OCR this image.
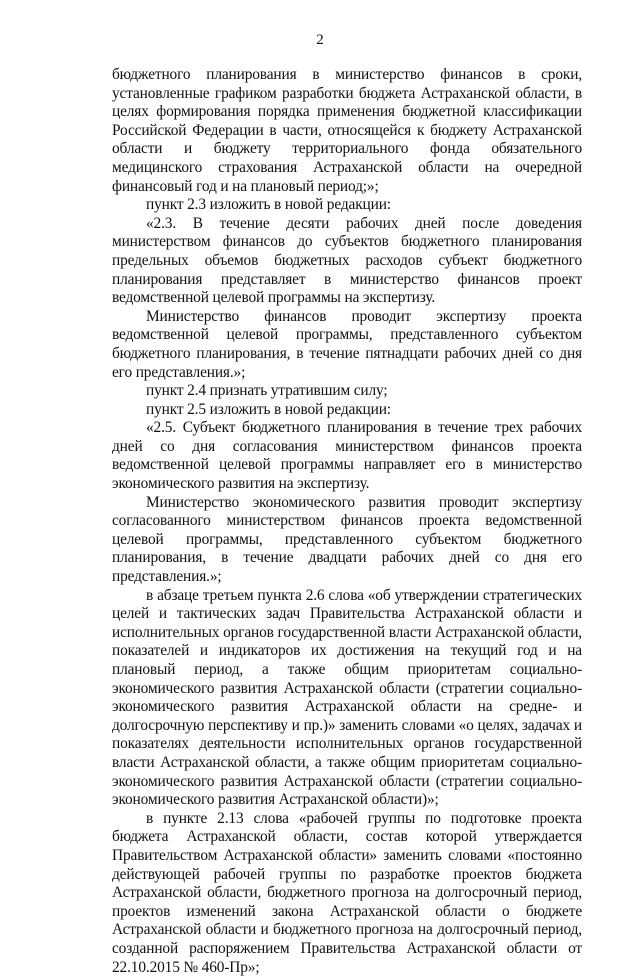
2

бюджетного планирования в министерство финансов в сроки, установленные графиком разработки бюджета Астраханской области, в целях формирования порядка применения бюджетной классификации Российской Федерации в части, относящейся к бюджету Астраханской области и бюджету территориального фонда обязательного медицинского страхования Астраханской области на очередной финансовый год и на плановый период;»;

пункт 2.3 изложить в новой редакции:

«2.3. В течение десяти рабочих дней после доведения министерством финансов до субъектов бюджетного планирования предельных объемов бюджетных расходов субъект бюджетного планирования представляет в министерство финансов проект ведомственной целевой программы на экспертизу.

Министерство финансов проводит экспертизу проекта ведомственной целевой программы, представленного субъектом бюджетного планирования, в течение пятнадцати рабочих дней со дня его представления.»;

пункт 2.4 признать утратившим силу;

пункт 2.5 изложить в новой редакции:

«2.5. Субъект бюджетного планирования в течение трех рабочих дней со дня согласования министерством финансов проекта ведомственной целевой программы направляет его в министерство экономического развития на экспертизу.

Министерство экономического развития проводит экспертизу согласованного министерством финансов проекта ведомственной целевой программы, представленного субъектом бюджетного планирования, в течение двадцати рабочих дней со дня его представления.»;

в абзаце третьем пункта 2.6 слова «об утверждении стратегических целей и тактических задач Правительства Астраханской области и исполнительных органов государственной власти Астраханской области, показателей и индикаторов их достижения на текущий год и на плановый период, а также общим приоритетам социально-экономического развития Астраханской области (стратегии социально-экономического развития Астраханской области на средне- и долгосрочную перспективу и пр.)» заменить словами «о целях, задачах и показателях деятельности исполнительных органов государственной власти Астраханской области, а также общим приоритетам социально-экономического развития Астраханской области (стратегии социально-экономического развития Астраханской области)»;

в пункте 2.13 слова «рабочей группы по подготовке проекта бюджета Астраханской области, состав которой утверждается Правительством Астраханской области» заменить словами «постоянно действующей рабочей группы по разработке проектов бюджета Астраханской области, бюджетного прогноза на долгосрочный период, проектов изменений закона Астраханской области о бюджете Астраханской области и бюджетного прогноза на долгосрочный период, созданной распоряжением Правительства Астраханской области от 22.10.2015 № 460-Пр»;
